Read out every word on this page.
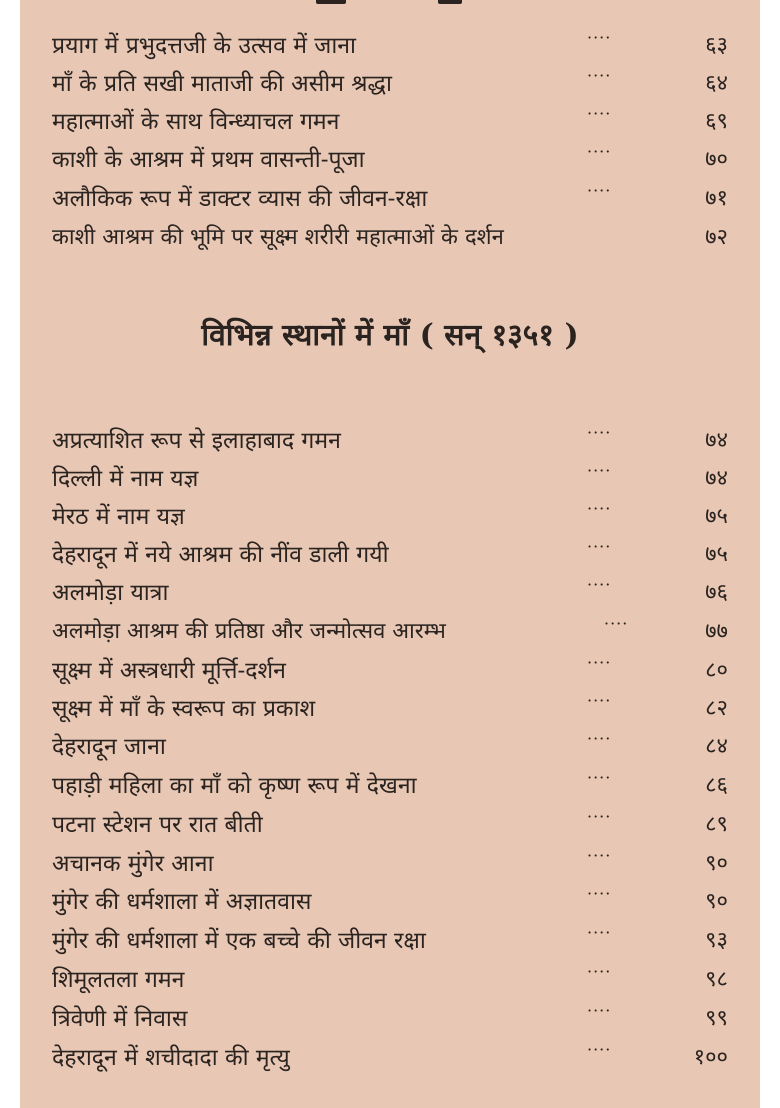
प्रयाग में प्रभुदत्तजी के उत्सव में जाना	····	६३
माँ के प्रति सखी माताजी की असीम श्रद्धा	····	६४
महात्माओं के साथ विन्ध्याचल गमन	····	६९
काशी के आश्रम में प्रथम वासन्ती-पूजा	····	७०
अलौकिक रूप में डाक्टर व्यास की जीवन-रक्षा	····	७१
काशी आश्रम की भूमि पर सूक्ष्म शरीरी महात्माओं के दर्शन	७२
विभिन्न स्थानों में माँ ( सन् १३५१ )
अप्रत्याशित रूप से इलाहाबाद गमन	····	७४
दिल्ली में नाम यज्ञ	····	७४
मेरठ में नाम यज्ञ	····	७५
देहरादून में नये आश्रम की नींव डाली गयी	····	७५
अलमोड़ा यात्रा	····	७६
अलमोड़ा आश्रम की प्रतिष्ठा और जन्मोत्सव आरम्भ	····	७७
सूक्ष्म में अस्त्रधारी मूर्त्ति-दर्शन	····	८०
सूक्ष्म में माँ के स्वरूप का प्रकाश	····	८२
देहरादून जाना	····	८४
पहाड़ी महिला का माँ को कृष्ण रूप में देखना	····	८६
पटना स्टेशन पर रात बीती	····	८९
अचानक मुंगेर आना	····	९०
मुंगेर की धर्मशाला में अज्ञातवास	····	९०
मुंगेर की धर्मशाला में एक बच्चे की जीवन रक्षा	····	९३
शिमूलतला गमन	····	९८
त्रिवेणी में निवास	····	९९
देहरादून में शचीदादा की मृत्यु	····	१००
